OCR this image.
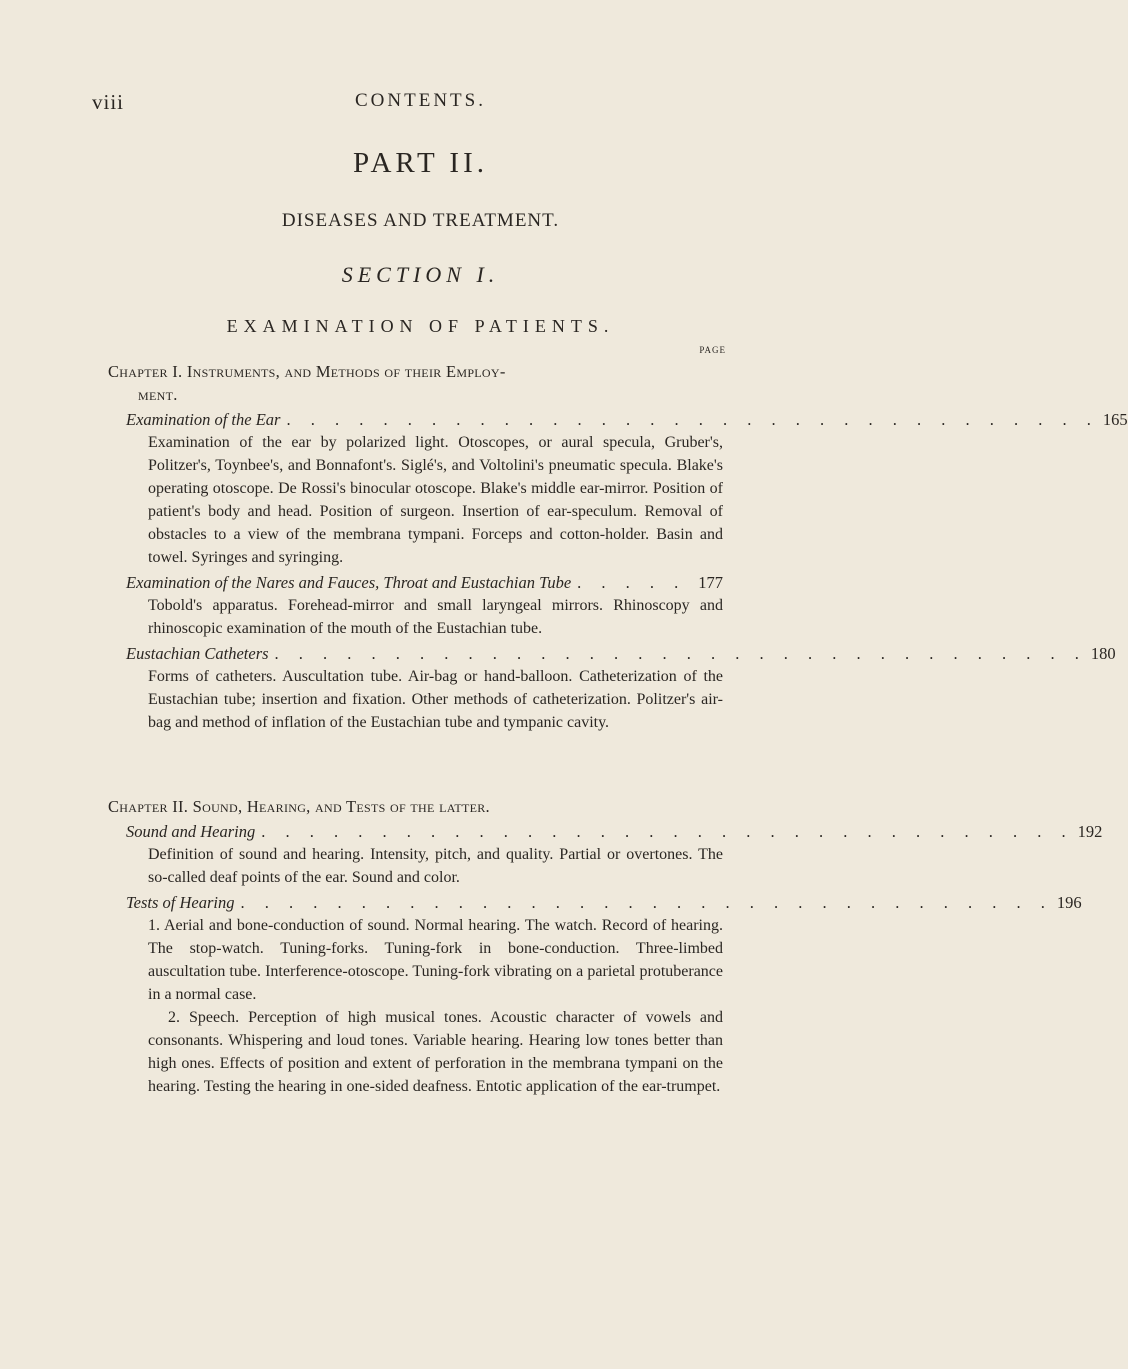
viii	CONTENTS.
PART II.
DISEASES AND TREATMENT.
SECTION I.
EXAMINATION OF PATIENTS.
PAGE
Chapter I. Instruments, and Methods of their Employ-
ment.
Examination of the Ear . . . . . . . . . . . . . . . . . . . . . . . . . . . . . . . . . . 165

Examination of the ear by polarized light. Otoscopes, or aural specula, Gruber's, Politzer's, Toynbee's, and Bonnafont's. Siglé's, and Voltolini's pneumatic specula. Blake's operating otoscope. De Rossi's binocular otoscope. Blake's middle ear-mirror. Position of patient's body and head. Position of surgeon. Insertion of ear-speculum. Removal of obstacles to a view of the membrana tympani. Forceps and cotton-holder. Basin and towel. Syringes and syringing.

Examination of the Nares and Fauces, Throat and Eustachian Tube . . . . . 177

Tobold's apparatus. Forehead-mirror and small laryngeal mirrors. Rhinoscopy and rhinoscopic examination of the mouth of the Eustachian tube.

Eustachian Catheters . . . . . . . . . . . . . . . . . . . . . . . . . . . . . . . . . . 180

Forms of catheters. Auscultation tube. Air-bag or hand-balloon. Catheterization of the Eustachian tube; insertion and fixation. Other methods of catheterization. Politzer's air-bag and method of inflation of the Eustachian tube and tympanic cavity.

Chapter II. Sound, Hearing, and Tests of the latter.
Sound and Hearing . . . . . . . . . . . . . . . . . . . . . . . . . . . . . . . . . . 192

Definition of sound and hearing. Intensity, pitch, and quality. Partial or overtones. The so-called deaf points of the ear. Sound and color.

Tests of Hearing . . . . . . . . . . . . . . . . . . . . . . . . . . . . . . . . . . 196

1. Aerial and bone-conduction of sound. Normal hearing. The watch. Record of hearing. The stop-watch. Tuning-forks. Tuning-fork in bone-conduction. Three-limbed auscultation tube. Interference-otoscope. Tuning-fork vibrating on a parietal protuberance in a normal case.

2. Speech. Perception of high musical tones. Acoustic character of vowels and consonants. Whispering and loud tones. Variable hearing. Hearing low tones better than high ones. Effects of position and extent of perforation in the membrana tympani on the hearing. Testing the hearing in one-sided deafness. Entotic application of the ear-trumpet.
